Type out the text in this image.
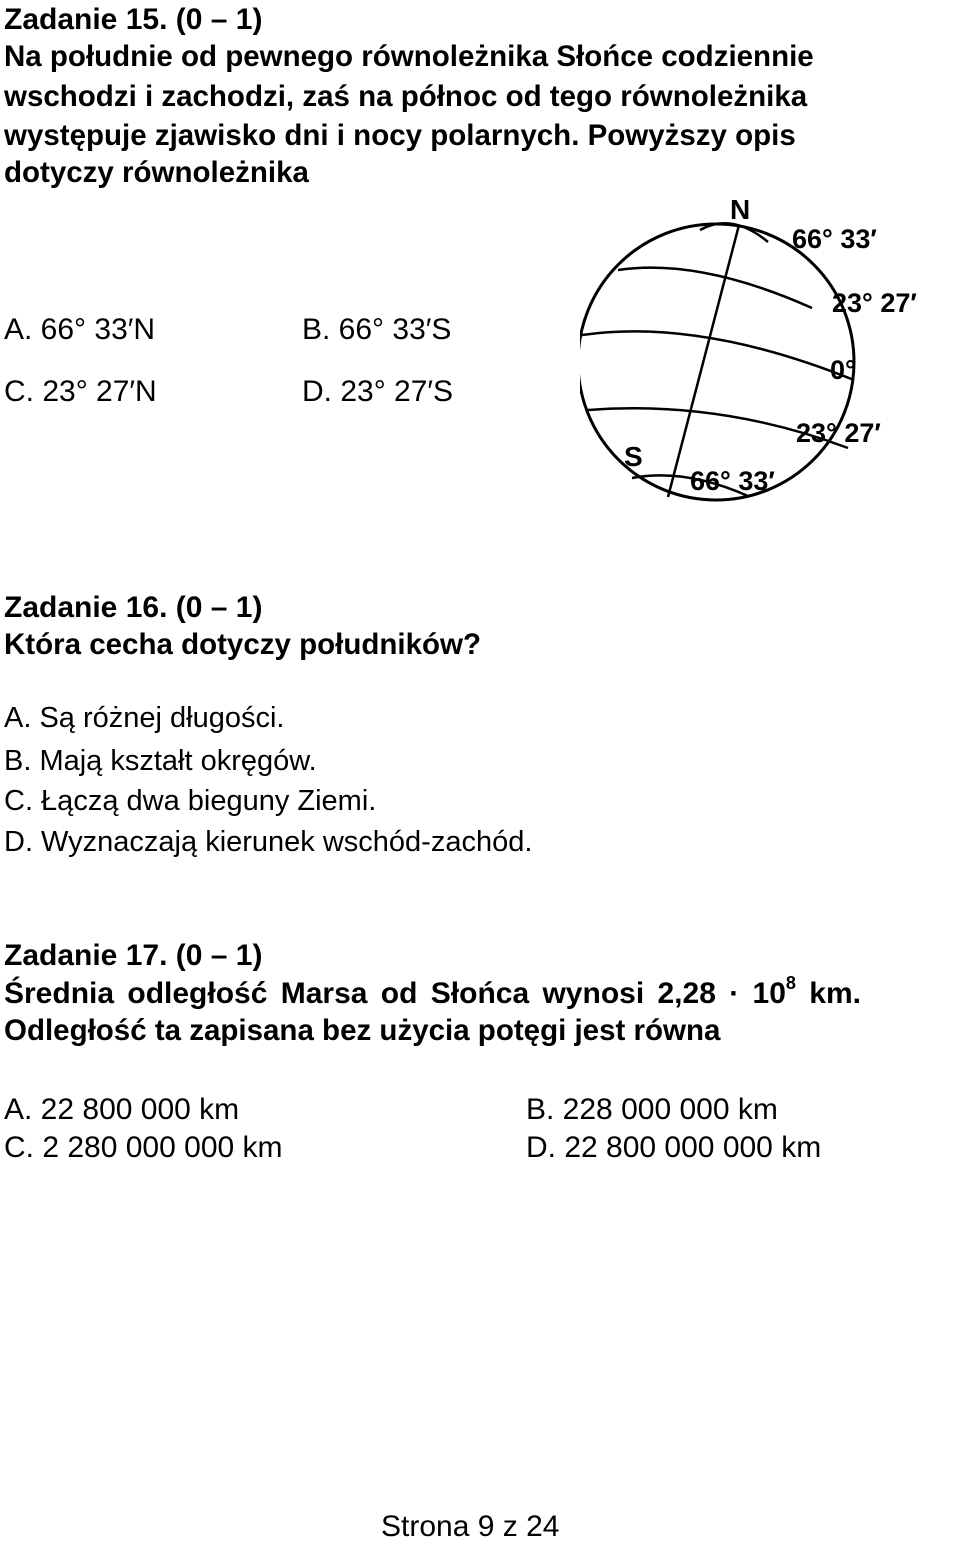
Zadanie 15. (0 – 1)
Na południe od pewnego równoleżnika Słońce codziennie
wschodzi i zachodzi, zaś na północ od tego równoleżnika
występuje zjawisko dni i nocy polarnych. Powyższy opis
dotyczy równoleżnika
A. 66° 33′N	B. 66° 33′S
C. 23° 27′N	D. 23° 27′S
N
S
66° 33′
23° 27′
0°
23° 27′
66° 33′
Zadanie 16. (0 – 1)
Która cecha dotyczy południków?
A. Są różnej długości.
B. Mają kształt okręgów.
C. Łączą dwa bieguny Ziemi.
D. Wyznaczają kierunek wschód-zachód.
Zadanie 17. (0 – 1)
Średnia odległość Marsa od Słońca wynosi $2,28 \cdot 10^8$ km.
Odległość ta zapisana bez użycia potęgi jest równa
A. 22 800 000 km	B. 228 000 000 km
C. 2 280 000 000 km	D. 22 800 000 000 km
Strona 9 z 24
